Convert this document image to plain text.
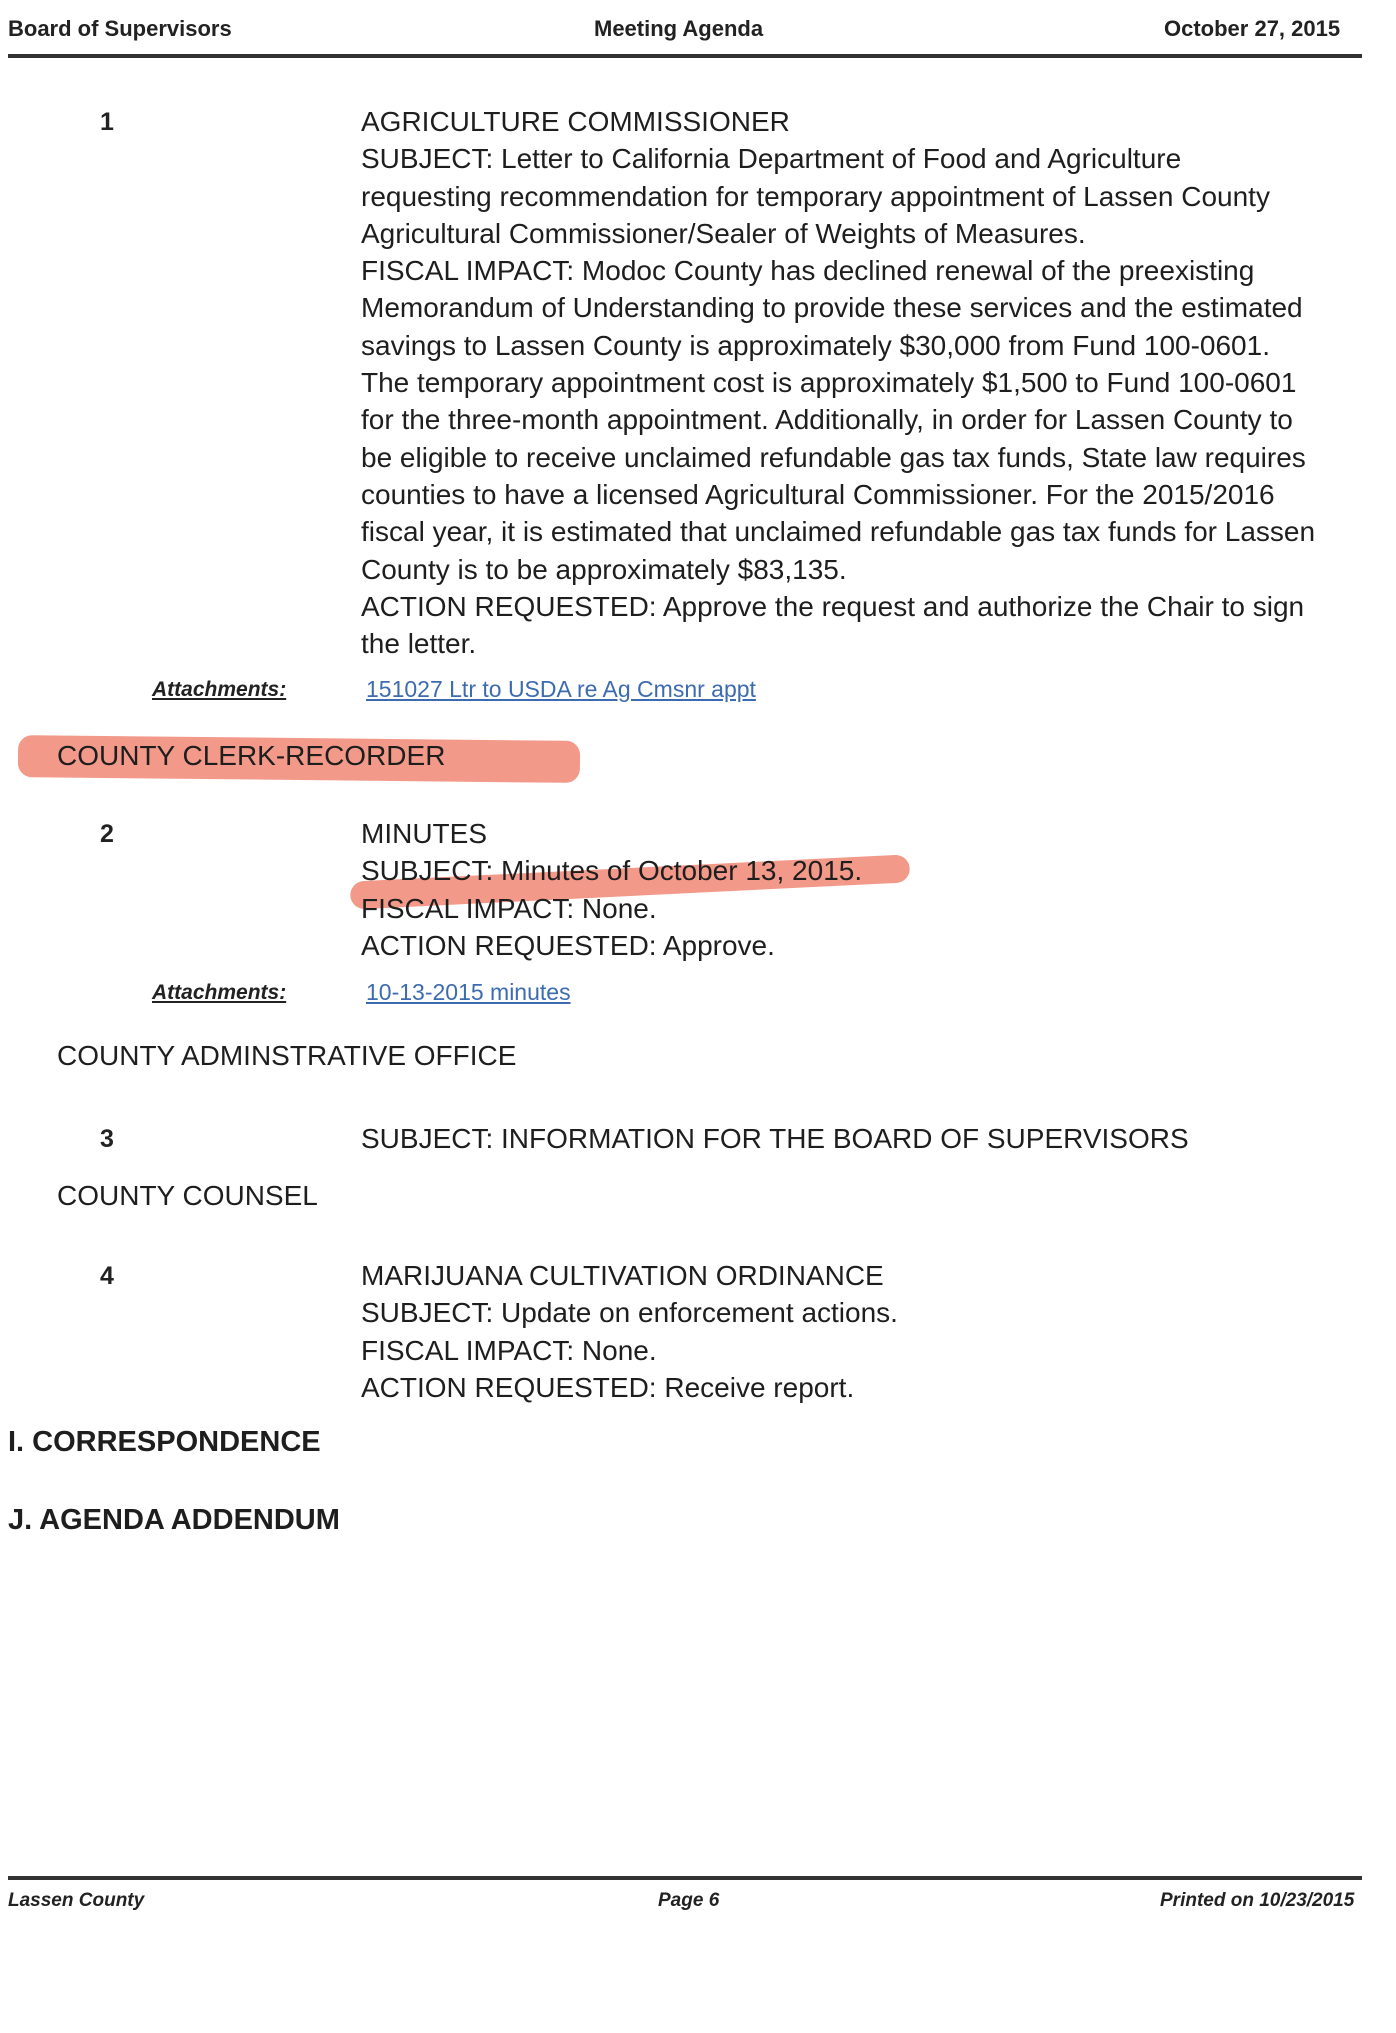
Board of Supervisors	Meeting Agenda	October 27, 2015
1	AGRICULTURE COMMISSIONER
SUBJECT: Letter to California Department of Food and Agriculture
requesting recommendation for temporary appointment of Lassen County
Agricultural Commissioner/Sealer of Weights of Measures.
FISCAL IMPACT: Modoc County has declined renewal of the preexisting
Memorandum of Understanding to provide these services and the estimated
savings to Lassen County is approximately $30,000 from Fund 100-0601.
The temporary appointment cost is approximately $1,500 to Fund 100-0601
for the three-month appointment. Additionally, in order for Lassen County to
be eligible to receive unclaimed refundable gas tax funds, State law requires
counties to have a licensed Agricultural Commissioner. For the 2015/2016
fiscal year, it is estimated that unclaimed refundable gas tax funds for Lassen
County is to be approximately $83,135.
ACTION REQUESTED: Approve the request and authorize the Chair to sign
the letter.
Attachments:	151027 Ltr to USDA re Ag Cmsnr appt
COUNTY CLERK-RECORDER
2	MINUTES
SUBJECT: Minutes of October 13, 2015.
FISCAL IMPACT: None.
ACTION REQUESTED: Approve.
Attachments:	10-13-2015 minutes
COUNTY ADMINSTRATIVE OFFICE
3	SUBJECT: INFORMATION FOR THE BOARD OF SUPERVISORS
COUNTY COUNSEL
4	MARIJUANA CULTIVATION ORDINANCE
SUBJECT: Update on enforcement actions.
FISCAL IMPACT: None.
ACTION REQUESTED: Receive report.
I. CORRESPONDENCE
J. AGENDA ADDENDUM
Lassen County	Page 6	Printed on 10/23/2015
